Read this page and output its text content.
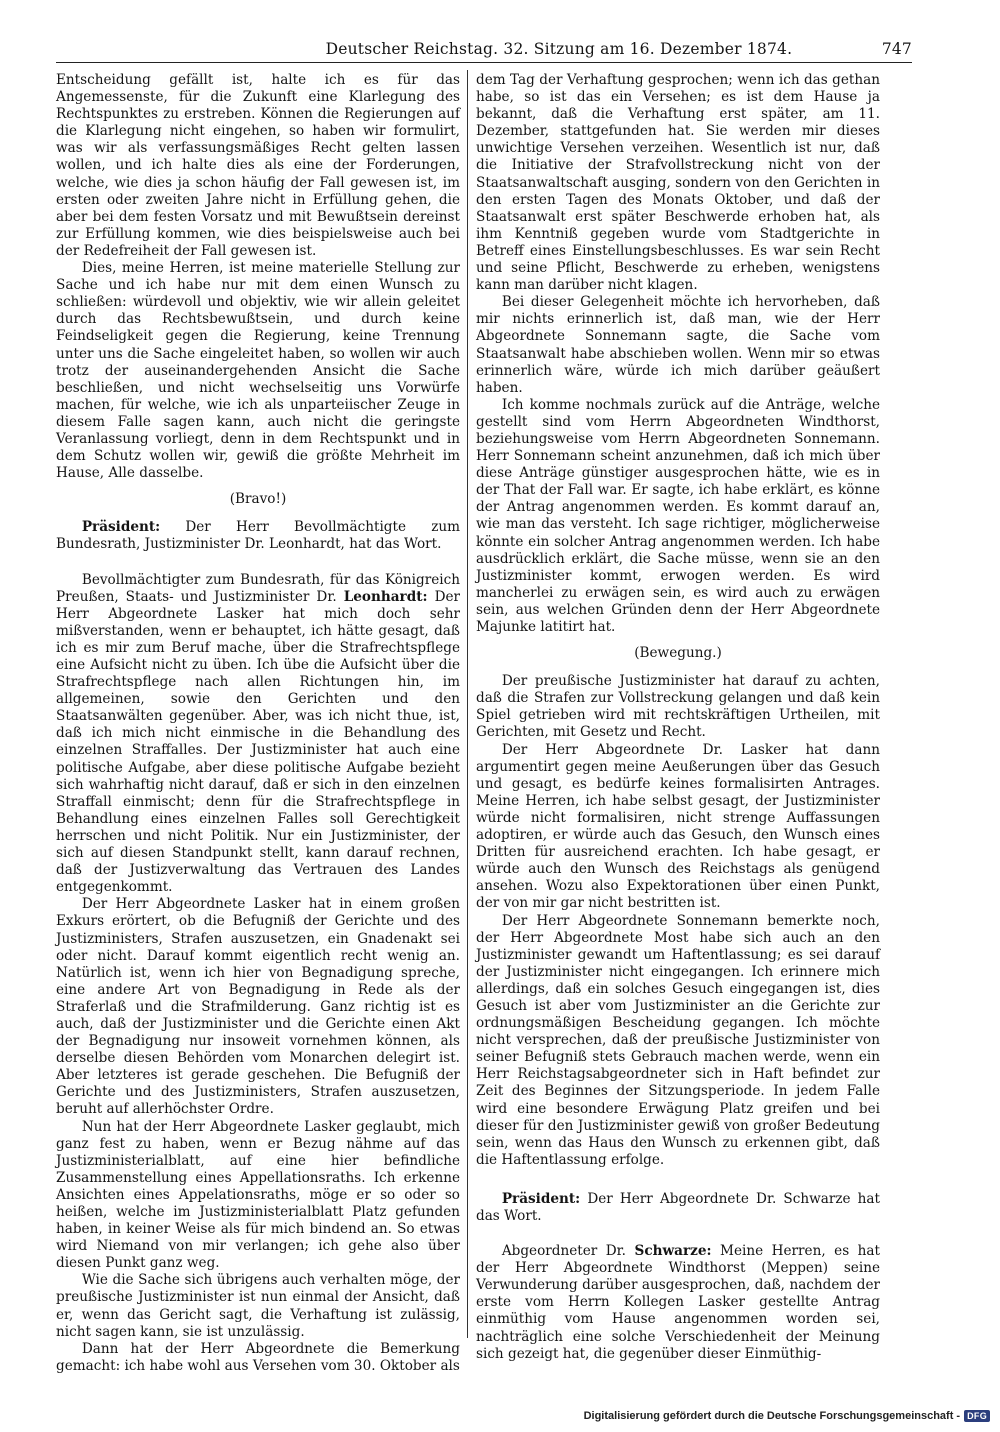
Deutscher Reichstag. 32. Sitzung am 16. Dezember 1874.	747

Entscheidung gefällt ist, halte ich es für das Angemessenste, für die Zukunft eine Klarlegung des Rechtspunktes zu erstreben. Können die Regierungen auf die Klarlegung nicht eingehen, so haben wir formulirt, was wir als verfassungsmäßiges Recht gelten lassen wollen, und ich halte dies als eine der Forderungen, welche, wie dies ja schon häufig der Fall gewesen ist, im ersten oder zweiten Jahre nicht in Erfüllung gehen, die aber bei dem festen Vorsatz und mit Bewußtsein dereinst zur Erfüllung kommen, wie dies beispielsweise auch bei der Redefreiheit der Fall gewesen ist.

Dies, meine Herren, ist meine materielle Stellung zur Sache und ich habe nur mit dem einen Wunsch zu schließen: würdevoll und objektiv, wie wir allein geleitet durch das Rechtsbewußtsein, und durch keine Feindseligkeit gegen die Regierung, keine Trennung unter uns die Sache eingeleitet haben, so wollen wir auch trotz der auseinandergehenden Ansicht die Sache beschließen, und nicht wechselseitig uns Vorwürfe machen, für welche, wie ich als unparteiischer Zeuge in diesem Falle sagen kann, auch nicht die geringste Veranlassung vorliegt, denn in dem Rechtspunkt und in dem Schutz wollen wir, gewiß die größte Mehrheit im Hause, Alle dasselbe.

(Bravo!)

Präsident: Der Herr Bevollmächtigte zum Bundesrath, Justizminister Dr. Leonhardt, hat das Wort.

Bevollmächtigter zum Bundesrath, für das Königreich Preußen, Staats- und Justizminister Dr. Leonhardt: Der Herr Abgeordnete Lasker hat mich doch sehr mißverstanden, wenn er behauptet, ich hätte gesagt, daß ich es mir zum Beruf mache, über die Strafrechtspflege eine Aufsicht nicht zu üben. Ich übe die Aufsicht über die Strafrechtspflege nach allen Richtungen hin, im allgemeinen, sowie den Gerichten und den Staatsanwälten gegenüber. Aber, was ich nicht thue, ist, daß ich mich nicht einmische in die Behandlung des einzelnen Straffalles. Der Justizminister hat auch eine politische Aufgabe, aber diese politische Aufgabe bezieht sich wahrhaftig nicht darauf, daß er sich in den einzelnen Straffall einmischt; denn für die Strafrechtspflege in Behandlung eines einzelnen Falles soll Gerechtigkeit herrschen und nicht Politik. Nur ein Justizminister, der sich auf diesen Standpunkt stellt, kann darauf rechnen, daß der Justizverwaltung das Vertrauen des Landes entgegenkommt.

Der Herr Abgeordnete Lasker hat in einem großen Exkurs erörtert, ob die Befugniß der Gerichte und des Justizministers, Strafen auszusetzen, ein Gnadenakt sei oder nicht. Darauf kommt eigentlich recht wenig an. Natürlich ist, wenn ich hier von Begnadigung spreche, eine andere Art von Begnadigung in Rede als der Straferlaß und die Strafmilderung. Ganz richtig ist es auch, daß der Justizminister und die Gerichte einen Akt der Begnadigung nur insoweit vornehmen können, als derselbe diesen Behörden vom Monarchen delegirt ist. Aber letzteres ist gerade geschehen. Die Befugniß der Gerichte und des Justizministers, Strafen auszusetzen, beruht auf allerhöchster Ordre.

Nun hat der Herr Abgeordnete Lasker geglaubt, mich ganz fest zu haben, wenn er Bezug nähme auf das Justizministerialblatt, auf eine hier befindliche Zusammenstellung eines Appellationsraths. Ich erkenne Ansichten eines Appelationsraths, möge er so oder so heißen, welche im Justizministerialblatt Platz gefunden haben, in keiner Weise als für mich bindend an. So etwas wird Niemand von mir verlangen; ich gehe also über diesen Punkt ganz weg.

Wie die Sache sich übrigens auch verhalten möge, der preußische Justizminister ist nun einmal der Ansicht, daß er, wenn das Gericht sagt, die Verhaftung ist zulässig, nicht sagen kann, sie ist unzulässig.

Dann hat der Herr Abgeordnete die Bemerkung gemacht: ich habe wohl aus Versehen vom 30. Oktober als

dem Tag der Verhaftung gesprochen; wenn ich das gethan habe, so ist das ein Versehen; es ist dem Hause ja bekannt, daß die Verhaftung erst später, am 11. Dezember, stattgefunden hat. Sie werden mir dieses unwichtige Versehen verzeihen. Wesentlich ist nur, daß die Initiative der Strafvollstreckung nicht von der Staatsanwaltschaft ausging, sondern von den Gerichten in den ersten Tagen des Monats Oktober, und daß der Staatsanwalt erst später Beschwerde erhoben hat, als ihm Kenntniß gegeben wurde vom Stadtgerichte in Betreff eines Einstellungsbeschlusses. Es war sein Recht und seine Pflicht, Beschwerde zu erheben, wenigstens kann man darüber nicht klagen.

Bei dieser Gelegenheit möchte ich hervorheben, daß mir nichts erinnerlich ist, daß man, wie der Herr Abgeordnete Sonnemann sagte, die Sache vom Staatsanwalt habe abschieben wollen. Wenn mir so etwas erinnerlich wäre, würde ich mich darüber geäußert haben.

Ich komme nochmals zurück auf die Anträge, welche gestellt sind vom Herrn Abgeordneten Windthorst, beziehungsweise vom Herrn Abgeordneten Sonnemann. Herr Sonnemann scheint anzunehmen, daß ich mich über diese Anträge günstiger ausgesprochen hätte, wie es in der That der Fall war. Er sagte, ich habe erklärt, es könne der Antrag angenommen werden. Es kommt darauf an, wie man das versteht. Ich sage richtiger, möglicherweise könnte ein solcher Antrag angenommen werden. Ich habe ausdrücklich erklärt, die Sache müsse, wenn sie an den Justizminister kommt, erwogen werden. Es wird mancherlei zu erwägen sein, es wird auch zu erwägen sein, aus welchen Gründen denn der Herr Abgeordnete Majunke latitirt hat.

(Bewegung.)

Der preußische Justizminister hat darauf zu achten, daß die Strafen zur Vollstreckung gelangen und daß kein Spiel getrieben wird mit rechtskräftigen Urtheilen, mit Gerichten, mit Gesetz und Recht.

Der Herr Abgeordnete Dr. Lasker hat dann argumentirt gegen meine Aeußerungen über das Gesuch und gesagt, es bedürfe keines formalisirten Antrages. Meine Herren, ich habe selbst gesagt, der Justizminister würde nicht formalisiren, nicht strenge Auffassungen adoptiren, er würde auch das Gesuch, den Wunsch eines Dritten für ausreichend erachten. Ich habe gesagt, er würde auch den Wunsch des Reichstags als genügend ansehen. Wozu also Expektorationen über einen Punkt, der von mir gar nicht bestritten ist.

Der Herr Abgeordnete Sonnemann bemerkte noch, der Herr Abgeordnete Most habe sich auch an den Justizminister gewandt um Haftentlassung; es sei darauf der Justizminister nicht eingegangen. Ich erinnere mich allerdings, daß ein solches Gesuch eingegangen ist, dies Gesuch ist aber vom Justizminister an die Gerichte zur ordnungsmäßigen Bescheidung gegangen. Ich möchte nicht versprechen, daß der preußische Justizminister von seiner Befugniß stets Gebrauch machen werde, wenn ein Herr Reichstagsabgeordneter sich in Haft befindet zur Zeit des Beginnes der Sitzungsperiode. In jedem Falle wird eine besondere Erwägung Platz greifen und bei dieser für den Justizminister gewiß von großer Bedeutung sein, wenn das Haus den Wunsch zu erkennen gibt, daß die Haftentlassung erfolge.

Präsident: Der Herr Abgeordnete Dr. Schwarze hat das Wort.

Abgeordneter Dr. Schwarze: Meine Herren, es hat der Herr Abgeordnete Windthorst (Meppen) seine Verwunderung darüber ausgesprochen, daß, nachdem der erste vom Herrn Kollegen Lasker gestellte Antrag einmüthig vom Hause angenommen worden sei, nachträglich eine solche Verschiedenheit der Meinung sich gezeigt hat, die gegenüber dieser Einmüthig-

Digitalisierung gefördert durch die Deutsche Forschungsgemeinschaft - DFG
